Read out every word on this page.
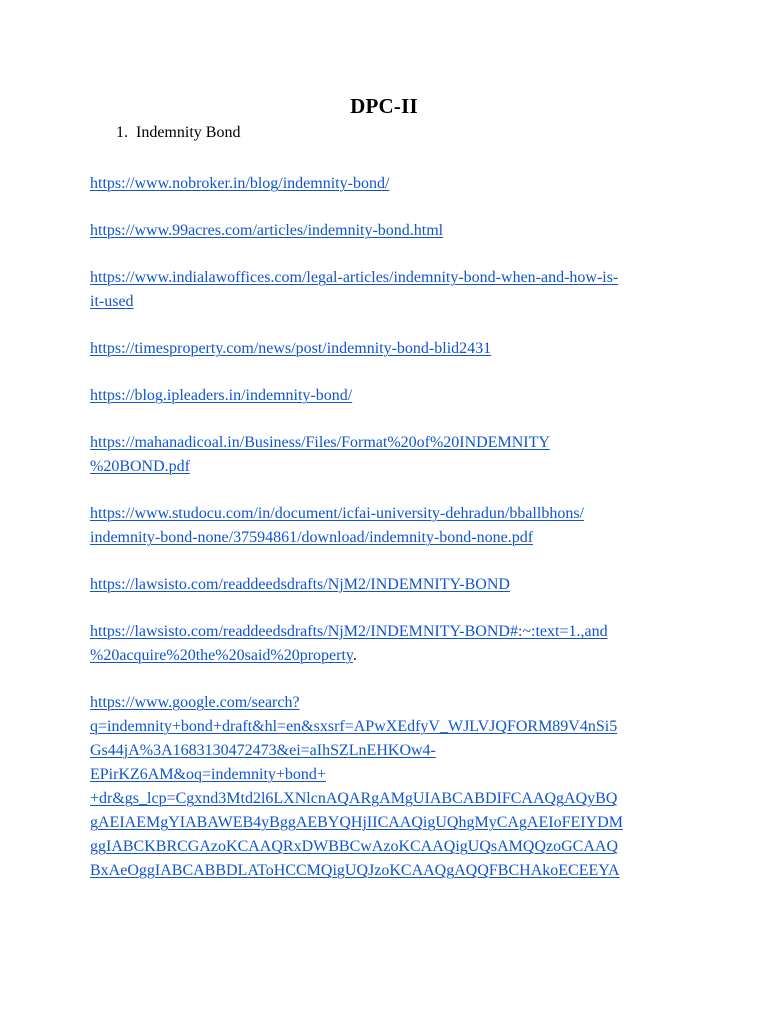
DPC-II
1. Indemnity Bond
https://www.nobroker.in/blog/indemnity-bond/
https://www.99acres.com/articles/indemnity-bond.html
https://www.indialawoffices.com/legal-articles/indemnity-bond-when-and-how-is-
it-used
https://timesproperty.com/news/post/indemnity-bond-blid2431
https://blog.ipleaders.in/indemnity-bond/
https://mahanadicoal.in/Business/Files/Format%20of%20INDEMNITY
%20BOND.pdf
https://www.studocu.com/in/document/icfai-university-dehradun/bballbhons/
indemnity-bond-none/37594861/download/indemnity-bond-none.pdf
https://lawsisto.com/readdeedsdrafts/NjM2/INDEMNITY-BOND
https://lawsisto.com/readdeedsdrafts/NjM2/INDEMNITY-BOND#:~:text=1.,and
%20acquire%20the%20said%20property.
https://www.google.com/search?
q=indemnity+bond+draft&hl=en&sxsrf=APwXEdfyV_WJLVJQFORM89V4nSi5
Gs44jA%3A1683130472473&ei=aIhSZLnEHKOw4-
EPirKZ6AM&oq=indemnity+bond+
+dr&gs_lcp=Cgxnd3Mtd2l6LXNlcnAQARgAMgUIABCABDIFCAAQgAQyBQ
gAEIAEMgYIABAWEB4yBggAEBYQHjIICAAQigUQhgMyCAgAEIoFEIYDM
ggIABCKBRCGAzoKCAAQRxDWBBCwAzoKCAAQigUQsAMQQzoGCAAQ
BxAeOggIABCABBDLAToHCCMQigUQJzoKCAAQgAQQFBCHAkoECEEYA
